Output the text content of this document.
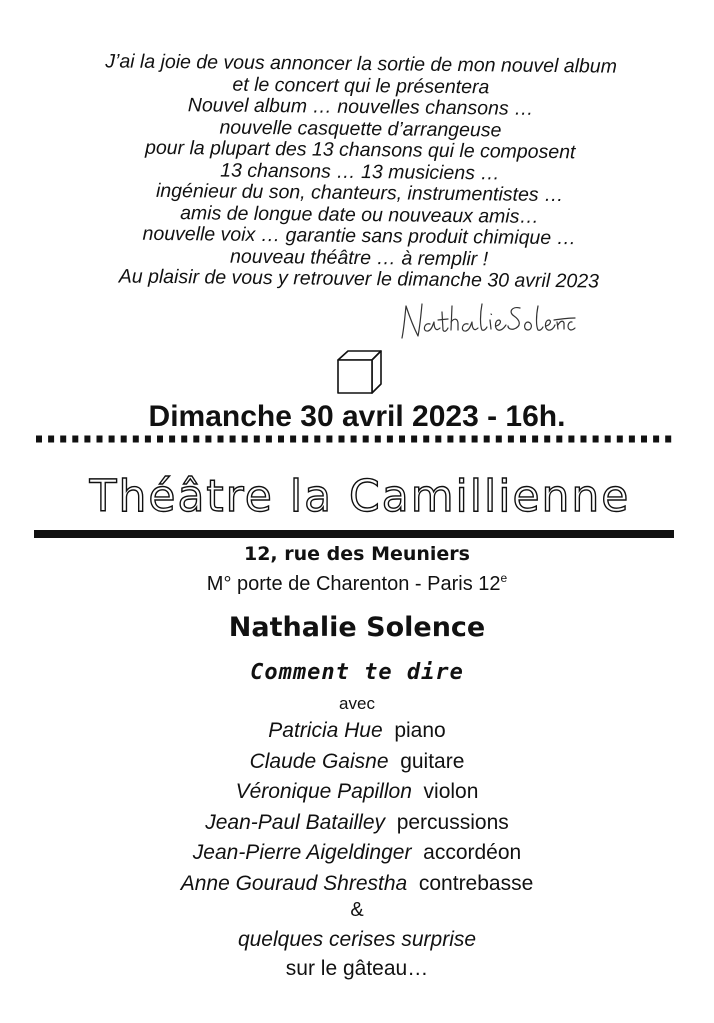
J’ai la joie de vous annoncer la sortie de mon nouvel album
et le concert qui le présentera
Nouvel album … nouvelles chansons …
nouvelle casquette d’arrangeuse
pour la plupart des 13 chansons qui le composent
13 chansons … 13 musiciens …
ingénieur du son, chanteurs, instrumentistes …
amis de longue date ou nouveaux amis…
nouvelle voix … garantie sans produit chimique …
nouveau théâtre … à remplir !
Au plaisir de vous y retrouver le dimanche 30 avril 2023
Dimanche 30 avril 2023 - 16h.
Théâtre la Camillienne
12, rue des Meuniers
M° porte de Charenton - Paris 12e
Nathalie Solence
Comment te dire
avec
Patricia Hue piano
Claude Gaisne guitare
Véronique Papillon violon
Jean-Paul Batailley percussions
Jean-Pierre Aigeldinger accordéon
Anne Gouraud Shrestha contrebasse
&
quelques cerises surprise
sur le gâteau…
